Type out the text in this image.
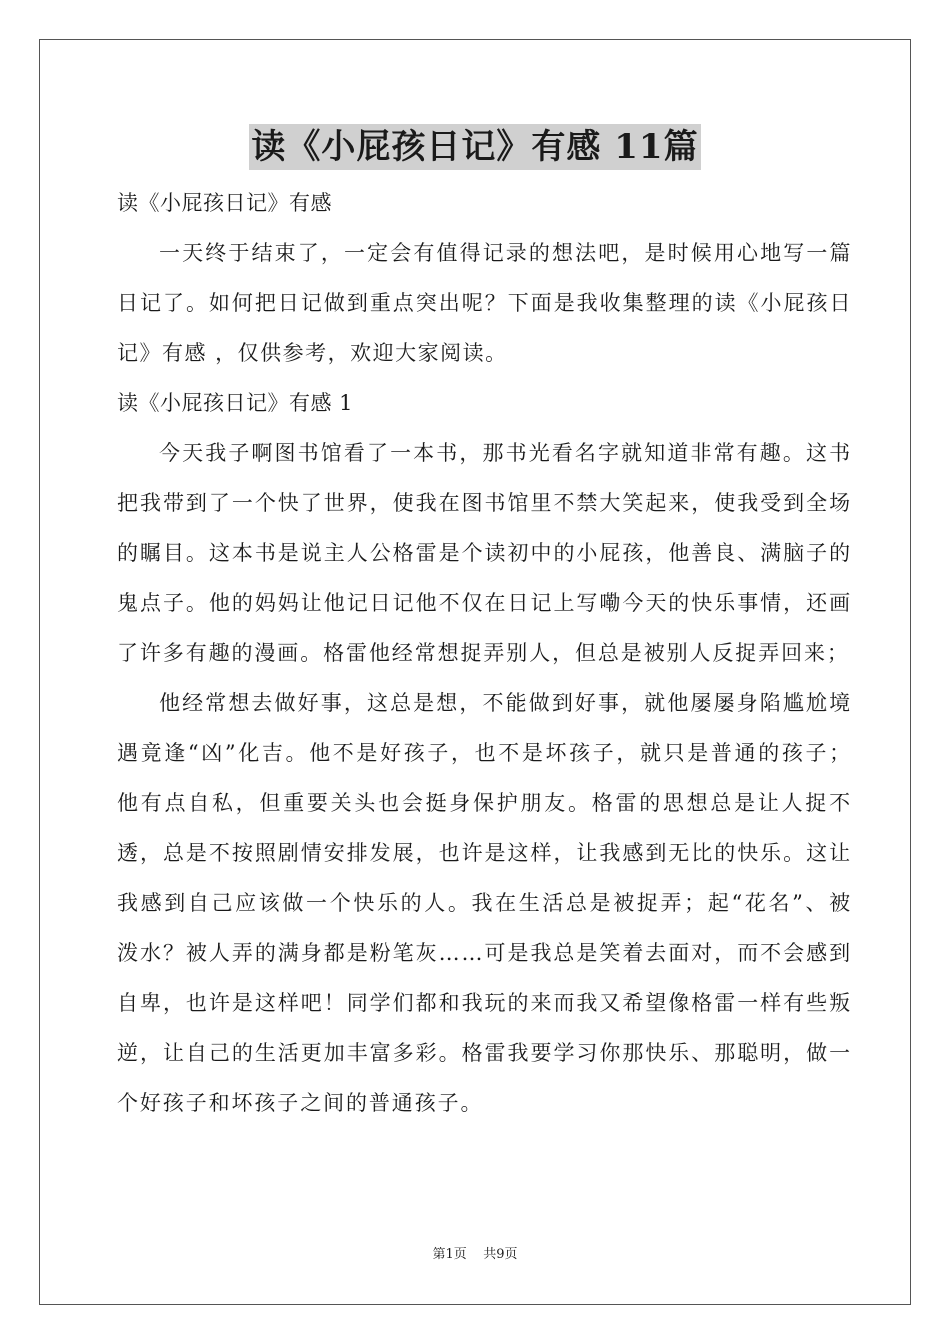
读《小屁孩日记》有感 11篇

读《小屁孩日记》有感

一天终于结束了，一定会有值得记录的想法吧，是时候用心地写一篇日记了。如何把日记做到重点突出呢？下面是我收集整理的读《小屁孩日记》有感 ，仅供参考，欢迎大家阅读。

读《小屁孩日记》有感 1

今天我子啊图书馆看了一本书，那书光看名字就知道非常有趣。这书把我带到了一个快了世界，使我在图书馆里不禁大笑起来，使我受到全场的瞩目。这本书是说主人公格雷是个读初中的小屁孩，他善良、满脑子的鬼点子。他的妈妈让他记日记他不仅在日记上写嘞今天的快乐事情，还画了许多有趣的漫画。格雷他经常想捉弄别人，但总是被别人反捉弄回来；

他经常想去做好事，这总是想，不能做到好事，就他屡屡身陷尴尬境遇竟逢“凶”化吉。他不是好孩子，也不是坏孩子，就只是普通的孩子；他有点自私，但重要关头也会挺身保护朋友。格雷的思想总是让人捉不透，总是不按照剧情安排发展，也许是这样，让我感到无比的快乐。这让我感到自己应该做一个快乐的人。我在生活总是被捉弄；起“花名”、被泼水？被人弄的满身都是粉笔灰……可是我总是笑着去面对，而不会感到自卑，也许是这样吧！同学们都和我玩的来而我又希望像格雷一样有些叛逆，让自己的生活更加丰富多彩。格雷我要学习你那快乐、那聪明，做一个好孩子和坏孩子之间的普通孩子。

第1页    共9页
